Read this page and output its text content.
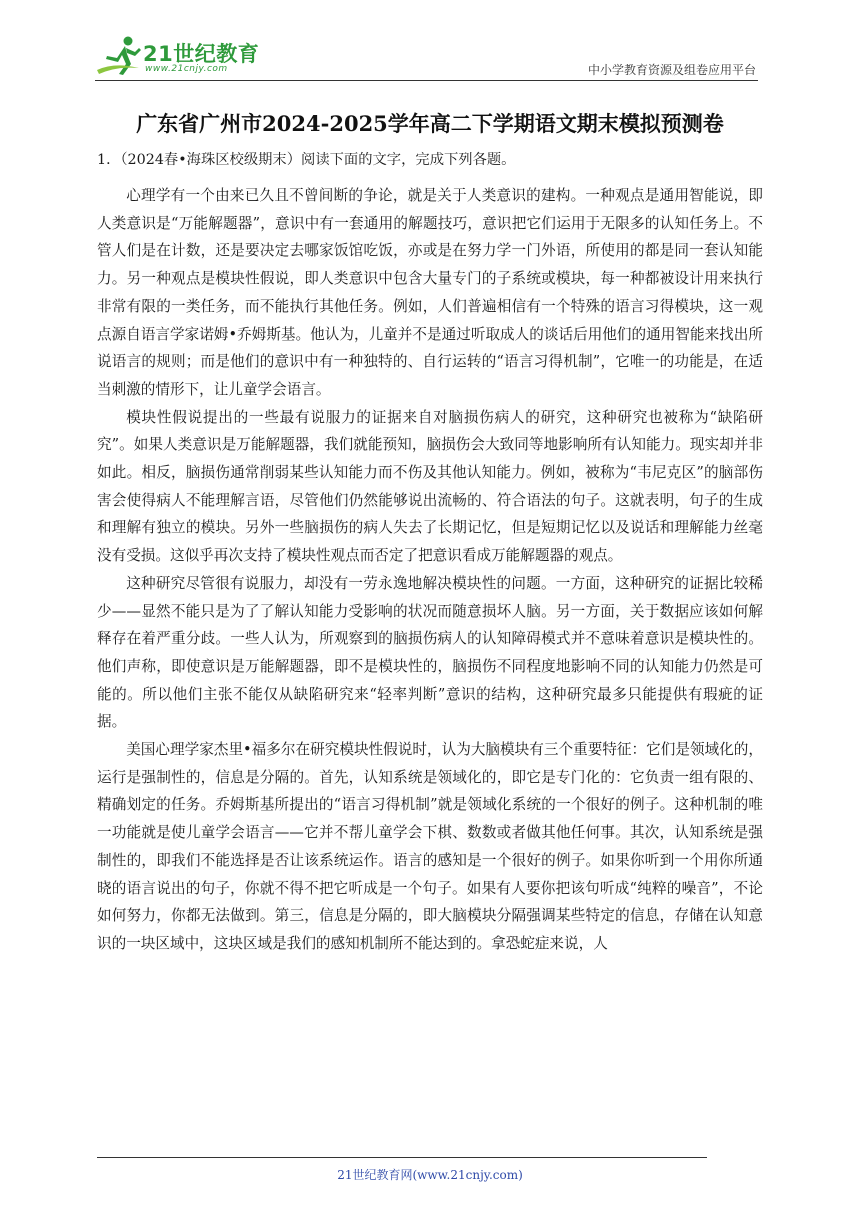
21世纪教育
www.21cnjy.com	中小学教育资源及组卷应用平台
广东省广州市2024-2025学年高二下学期语文期末模拟预测卷
1．（2024春•海珠区校级期末）阅读下面的文字，完成下列各题。

心理学有一个由来已久且不曾间断的争论，就是关于人类意识的建构。一种观点是通用智能说，即人类意识是“万能解题器”，意识中有一套通用的解题技巧，意识把它们运用于无限多的认知任务上。不管人们是在计数，还是要决定去哪家饭馆吃饭，亦或是在努力学一门外语，所使用的都是同一套认知能力。另一种观点是模块性假说，即人类意识中包含大量专门的子系统或模块，每一种都被设计用来执行非常有限的一类任务，而不能执行其他任务。例如，人们普遍相信有一个特殊的语言习得模块，这一观点源自语言学家诺姆•乔姆斯基。他认为，儿童并不是通过听取成人的谈话后用他们的通用智能来找出所说语言的规则；而是他们的意识中有一种独特的、自行运转的“语言习得机制”，它唯一的功能是，在适当刺激的情形下，让儿童学会语言。

模块性假说提出的一些最有说服力的证据来自对脑损伤病人的研究，这种研究也被称为“缺陷研究”。如果人类意识是万能解题器，我们就能预知，脑损伤会大致同等地影响所有认知能力。现实却并非如此。相反，脑损伤通常削弱某些认知能力而不伤及其他认知能力。例如，被称为“韦尼克区”的脑部伤害会使得病人不能理解言语，尽管他们仍然能够说出流畅的、符合语法的句子。这就表明，句子的生成和理解有独立的模块。另外一些脑损伤的病人失去了长期记忆，但是短期记忆以及说话和理解能力丝毫没有受损。这似乎再次支持了模块性观点而否定了把意识看成万能解题器的观点。

这种研究尽管很有说服力，却没有一劳永逸地解决模块性的问题。一方面，这种研究的证据比较稀少——显然不能只是为了了解认知能力受影响的状况而随意损坏人脑。另一方面，关于数据应该如何解释存在着严重分歧。一些人认为，所观察到的脑损伤病人的认知障碍模式并不意味着意识是模块性的。他们声称，即使意识是万能解题器，即不是模块性的，脑损伤不同程度地影响不同的认知能力仍然是可能的。所以他们主张不能仅从缺陷研究来“轻率判断”意识的结构，这种研究最多只能提供有瑕疵的证据。

美国心理学家杰里•福多尔在研究模块性假说时，认为大脑模块有三个重要特征：它们是领域化的，运行是强制性的，信息是分隔的。首先，认知系统是领域化的，即它是专门化的：它负责一组有限的、精确划定的任务。乔姆斯基所提出的“语言习得机制”就是领域化系统的一个很好的例子。这种机制的唯一功能就是使儿童学会语言——它并不帮儿童学会下棋、数数或者做其他任何事。其次，认知系统是强制性的，即我们不能选择是否让该系统运作。语言的感知是一个很好的例子。如果你听到一个用你所通晓的语言说出的句子，你就不得不把它听成是一个句子。如果有人要你把该句听成“纯粹的噪音”，不论如何努力，你都无法做到。第三，信息是分隔的，即大脑模块分隔强调某些特定的信息，存储在认知意识的一块区域中，这块区域是我们的感知机制所不能达到的。拿恐蛇症来说，人

21世纪教育网(www.21cnjy.com)
